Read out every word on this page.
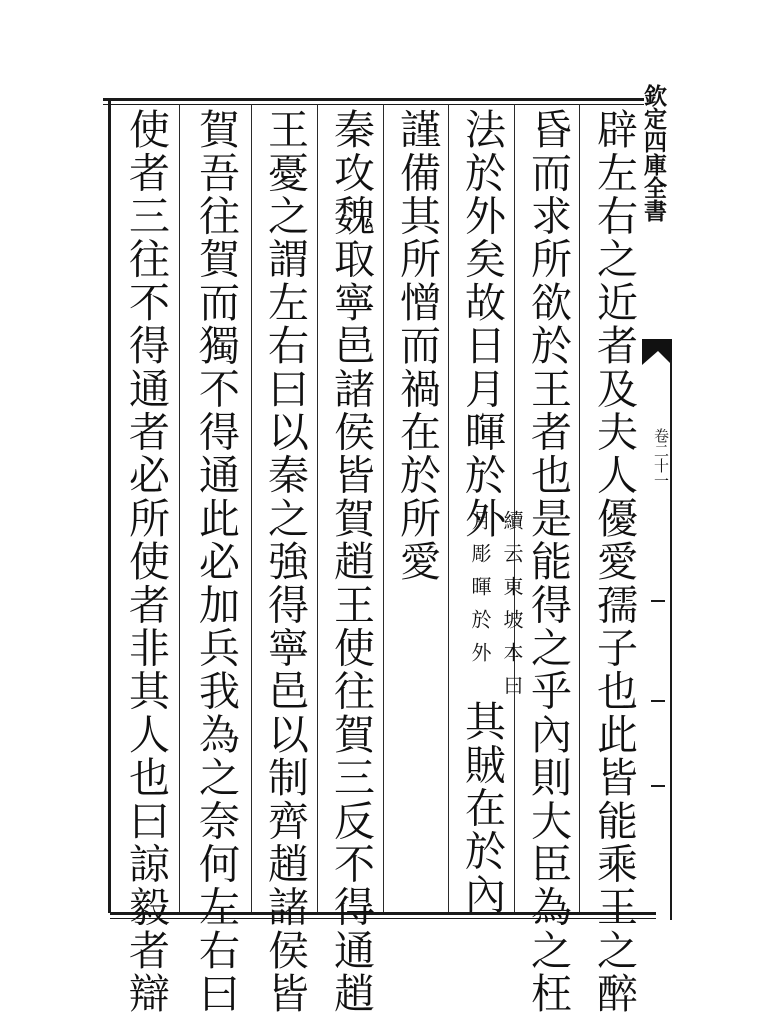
欽定四庫全書
卷二十一
辟左右之近者及夫人優愛孺子也此皆能乘王之醉
昏而求所欲於王者也是能得之乎內則大臣為之枉
法於外矣故日月暉於外
續云東坡本曰
月彫暉於外
其賊在於內
謹備其所憎而禍在於所愛
秦攻魏取寧邑諸侯皆賀趙王使往賀三反不得通趙
王憂之謂左右曰以秦之強得寧邑以制齊趙諸侯皆
賀吾往賀而獨不得通此必加兵我為之奈何左右曰
使者三往不得通者必所使者非其人也曰諒毅者辯
